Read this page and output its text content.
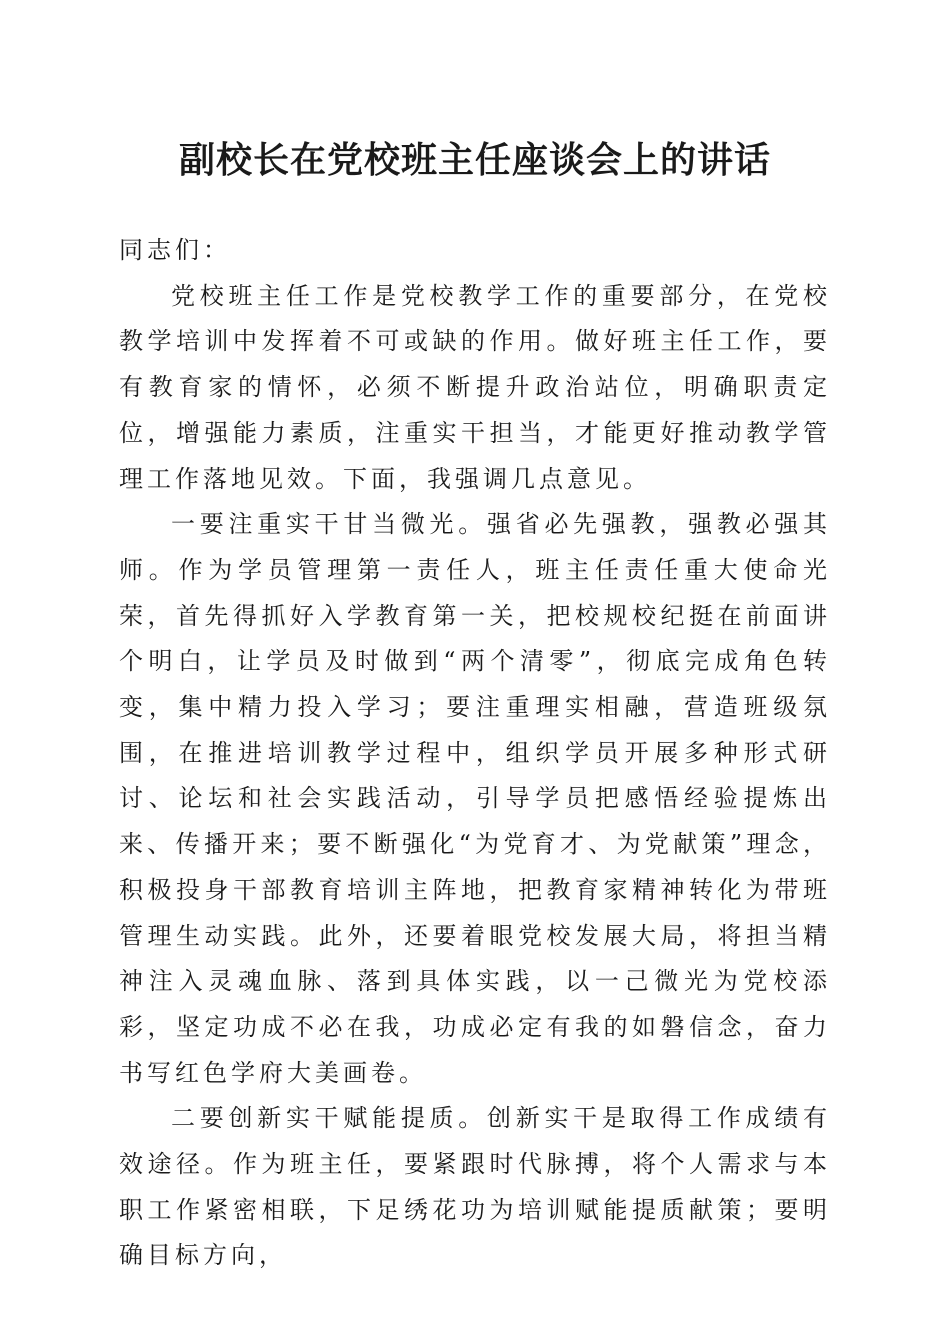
副校长在党校班主任座谈会上的讲话

同志们：

党校班主任工作是党校教学工作的重要部分，在党校教学培训中发挥着不可或缺的作用。做好班主任工作，要有教育家的情怀，必须不断提升政治站位，明确职责定位，增强能力素质，注重实干担当，才能更好推动教学管理工作落地见效。下面，我强调几点意见。

一要注重实干甘当微光。强省必先强教，强教必强其师。作为学员管理第一责任人，班主任责任重大使命光荣，首先得抓好入学教育第一关，把校规校纪挺在前面讲个明白，让学员及时做到“两个清零”，彻底完成角色转变，集中精力投入学习；要注重理实相融，营造班级氛围，在推进培训教学过程中，组织学员开展多种形式研讨、论坛和社会实践活动，引导学员把感悟经验提炼出来、传播开来；要不断强化“为党育才、为党献策”理念，积极投身干部教育培训主阵地，把教育家精神转化为带班管理生动实践。此外，还要着眼党校发展大局，将担当精神注入灵魂血脉、落到具体实践，以一己微光为党校添彩，坚定功成不必在我，功成必定有我的如磐信念，奋力书写红色学府大美画卷。

二要创新实干赋能提质。创新实干是取得工作成绩有效途径。作为班主任，要紧跟时代脉搏，将个人需求与本职工作紧密相联，下足绣花功为培训赋能提质献策；要明确目标方向，
